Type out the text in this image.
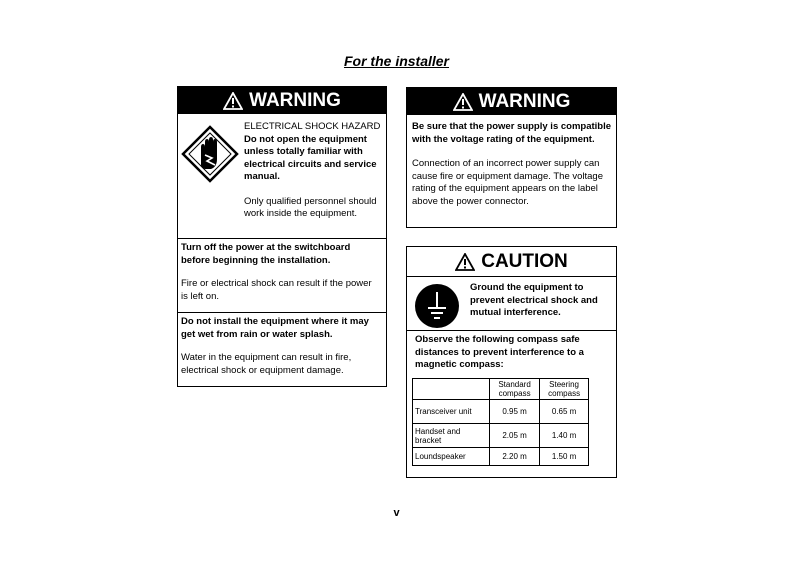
For the installer
WARNING
ELECTRICAL SHOCK HAZARD
Do not open the equipment unless totally familiar with electrical circuits and service manual.
Only qualified personnel should work inside the equipment.
Turn off the power at the switchboard before beginning the installation.
Fire or electrical shock can result if the power is left on.
Do not install the equipment where it may get wet from rain or water splash.
Water in the equipment can result in fire, electrical shock or equipment damage.
WARNING
Be sure that the power supply is compatible with the voltage rating of the equipment.
Connection of an incorrect power supply can cause fire or equipment damage. The voltage rating of the equipment appears on the label above the power connector.
CAUTION
Ground the equipment to prevent electrical shock and mutual interference.
Observe the following compass safe distances to prevent interference to a magnetic compass:
	Standard compass	Steering compass
Transceiver unit	0.95 m	0.65 m
Handset and bracket	2.05 m	1.40 m
Loundspeaker	2.20 m	1.50 m
v
